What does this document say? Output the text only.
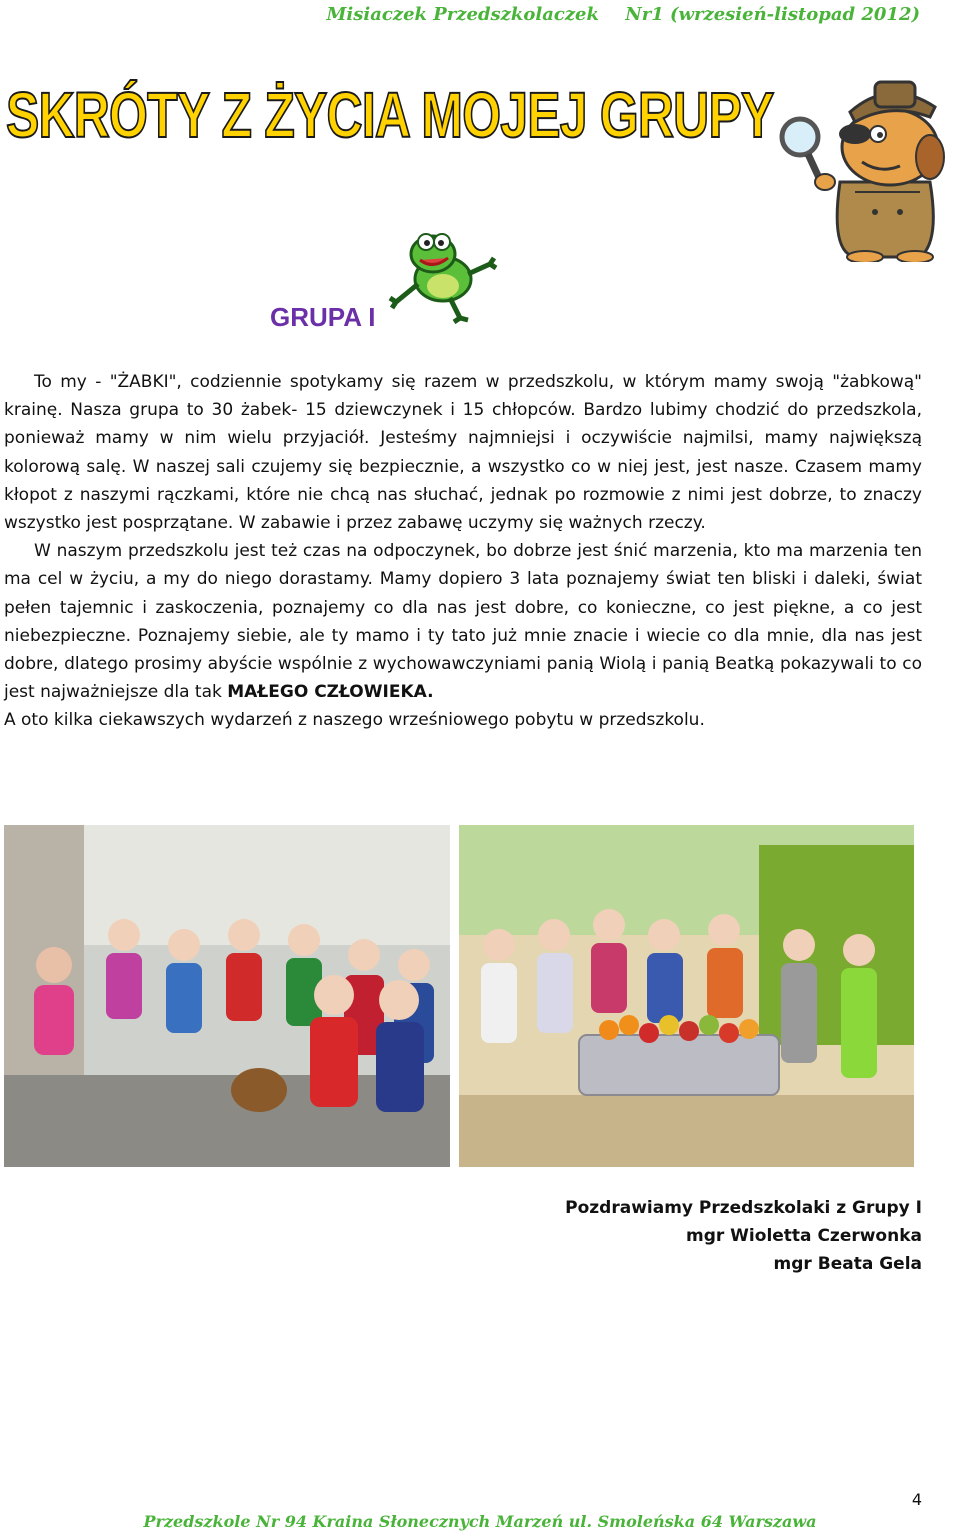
Misiaczek Przedszkolaczek Nr1 (wrzesień-listopad 2012)
SKRÓTY Z ŻYCIA MOJEJ GRUPY
GRUPA I

To my - "ŻABKI", codziennie spotykamy się razem w przedszkolu, w którym mamy swoją "żabkową" krainę. Nasza grupa to 30 żabek- 15 dziewczynek i 15 chłopców. Bardzo lubimy chodzić do przedszkola, ponieważ mamy w nim wielu przyjaciół. Jesteśmy najmniejsi i oczywiście najmilsi, mamy największą kolorową salę. W naszej sali czujemy się bezpiecznie, a wszystko co w niej jest, jest nasze. Czasem mamy kłopot z naszymi rączkami, które nie chcą nas słuchać, jednak po rozmowie z nimi jest dobrze, to znaczy wszystko jest posprzątane. W zabawie i przez zabawę uczymy się ważnych rzeczy.

W naszym przedszkolu jest też czas na odpoczynek, bo dobrze jest śnić marzenia, kto ma marzenia ten ma cel w życiu, a my do niego dorastamy. Mamy dopiero 3 lata poznajemy świat ten bliski i daleki, świat pełen tajemnic i zaskoczenia, poznajemy co dla nas jest dobre, co konieczne, co jest piękne, a co jest niebezpieczne. Poznajemy siebie, ale ty mamo i ty tato już mnie znacie i wiecie co dla mnie, dla nas jest dobre, dlatego prosimy abyście wspólnie z wychowawczyniami panią Wiolą i panią Beatką pokazywali to co jest najważniejsze dla tak MAŁEGO CZŁOWIEKA.

A oto kilka ciekawszych wydarzeń z naszego wrześniowego pobytu w przedszkolu.

Pozdrawiamy Przedszkolaki z Grupy I
mgr Wioletta Czerwonka
mgr Beata Gela
4
Przedszkole Nr 94 Kraina Słonecznych Marzeń ul. Smoleńska 64 Warszawa
